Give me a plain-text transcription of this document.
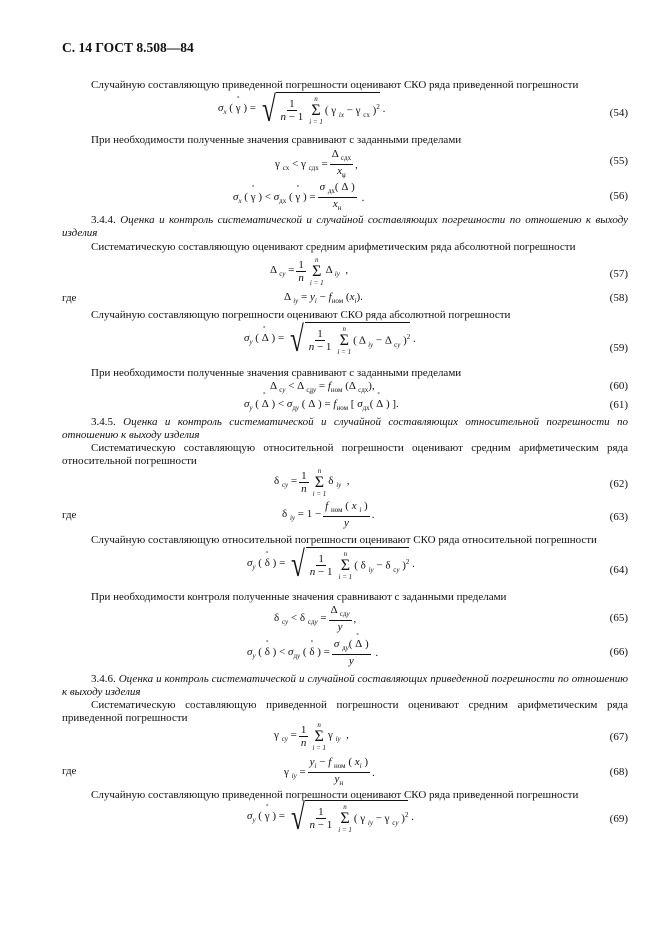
С. 14 ГОСТ 8.508—84
Случайную составляющую приведенной погрешности оценивают СКО ряда приведенной погрешности
$\sigma_x$ ( ˚ γ ) = √ $\frac{1}{n - 1}$ n
Σ
i = 1
( γ $_{ix}$ − γ $_{cx}$ )$^2$ .	(54)
При необходимости полученные значения сравнивают с заданными пределами
γ $_{cx}$ < γ $_{cдx} = \frac{\Delta _{cдx}}{x_н}$ ,	(55)
$\sigma_x$ ( ˚ γ ) < $\sigma_{дx}$ ( ˚ γ ) = $\frac{\sigma _{дx}( ˚ \Delta )}{x_н}$ .	(56)
3.4.4. Оценка и контроль систематической и случайной составляющих погрешности по отношению к выходу изделия
Систематическую составляющую оценивают средним арифметическим ряда абсолютной погрешности
Δ $_{cy} = \frac{1}{n}$ n
Σ
i = 1
Δ $_{iy}$  ,	(57)
где	Δ $_{iy} = y_i - f_{ном}$ $(x_i)$.	(58)
Случайную составляющую погрешности оценивают СКО ряда абсолютной погрешности
$\sigma_y$ ( ˚ Δ ) = √ $\frac{1}{n - 1}$ n
Σ
i = 1
( Δ $_{iy}$ − Δ $_{cy}$ )$^2$ .
(59)
При необходимости полученные значения сравнивают с заданными пределами
Δ $_{cy}$ < Δ $_{cдy} = f_{ном}$ (Δ $_{cдx}$),	(60)
$\sigma_y$ ( ˚ Δ ) < $\sigma_{дy}$ ( ˚ Δ ) = $f_{ном}$ [ $\sigma_{дx}$( ˚ Δ ) ].	(61)
3.4.5. Оценка и контроль систематической и случайной составляющих относительной погрешности по отношению к выходу изделия
Систематическую составляющую относительной погрешности оценивают средним арифметическим ряда относительной погрешности
δ $_{cy} = \frac{1}{n}$ n
Σ
i = 1
δ $_{iy}$  ,	(62)
где	δ $_{iy} = 1 - \frac{f _{ном} ( x _i )}{y}$ .	(63)
Случайную составляющую относительной погрешности оценивают СКО ряда относительной погрешности
$\sigma_y$ ( ˚ δ ) = √ $\frac{1}{n - 1}$ n
Σ
i = 1
( δ $_{iy}$ − δ $_{cy}$ )$^2$ .	(64)
При необходимости контроля полученные значения сравнивают с заданными пределами
δ $_{cy}$ < δ $_{cдy} = \frac{\Delta _{cдy}}{y}$ ,	(65)
$\sigma_y$ ( ˚ δ ) < $\sigma_{дy}$ ( ˚ δ ) = $\frac{\sigma _{дy}( ˚ \Delta )}{y}$ .	(66)
3.4.6. Оценка и контроль систематической и случайной составляющих приведенной погрешности по отношению к выходу изделия
Систематическую составляющую приведенной погрешности оценивают средним арифметическим ряда приведенной погрешности
γ $_{cy} = \frac{1}{n}$ n
Σ
i = 1
γ $_{iy}$  ,	(67)
где	γ $_{iy} = \frac{y_i - f _{ном} ( x_i )}{y_н}$ .	(68)
Случайную составляющую приведенной погрешности оценивают СКО ряда приведенной погрешности
$\sigma_y$ ( ˚ γ ) = √ $\frac{1}{n - 1}$ n
Σ
i = 1
( γ $_{iy}$ − γ $_{cy}$ )$^2$ .	(69)
